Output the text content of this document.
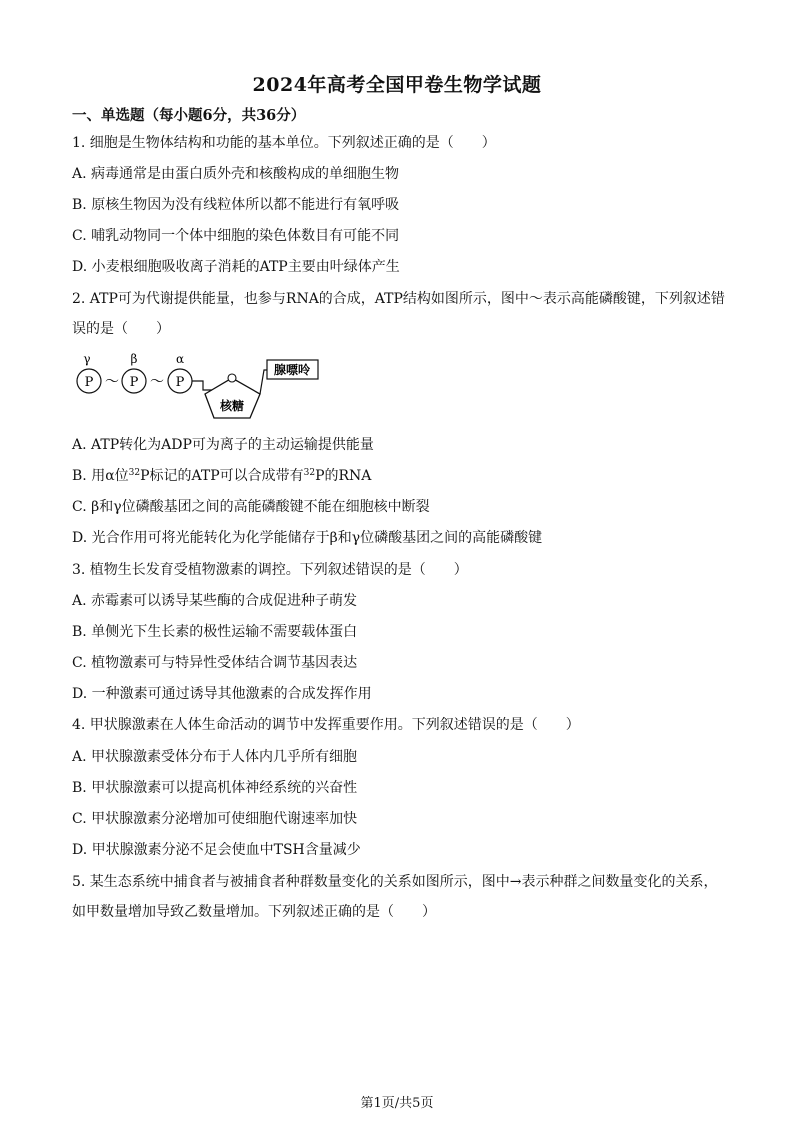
2024年高考全国甲卷生物学试题
一、单选题（每小题6分，共36分）
1. 细胞是生物体结构和功能的基本单位。下列叙述正确的是（　　）
A. 病毒通常是由蛋白质外壳和核酸构成的单细胞生物
B. 原核生物因为没有线粒体所以都不能进行有氧呼吸
C. 哺乳动物同一个体中细胞的染色体数目有可能不同
D. 小麦根细胞吸收离子消耗的ATP主要由叶绿体产生
2. ATP可为代谢提供能量，也参与RNA的合成，ATP结构如图所示，图中～表示高能磷酸键，下列叙述错
误的是（　　）
γ	β	α
P ～ P ～ P
核糖
腺嘌呤
A. ATP转化为ADP可为离子的主动运输提供能量
B. 用α位$^{32}$P标记的ATP可以合成带有$^{32}$P的RNA
C. β和γ位磷酸基团之间的高能磷酸键不能在细胞核中断裂
D. 光合作用可将光能转化为化学能储存于β和γ位磷酸基团之间的高能磷酸键
3. 植物生长发育受植物激素的调控。下列叙述错误的是（　　）
A. 赤霉素可以诱导某些酶的合成促进种子萌发
B. 单侧光下生长素的极性运输不需要载体蛋白
C. 植物激素可与特异性受体结合调节基因表达
D. 一种激素可通过诱导其他激素的合成发挥作用
4. 甲状腺激素在人体生命活动的调节中发挥重要作用。下列叙述错误的是（　　）
A. 甲状腺激素受体分布于人体内几乎所有细胞
B. 甲状腺激素可以提高机体神经系统的兴奋性
C. 甲状腺激素分泌增加可使细胞代谢速率加快
D. 甲状腺激素分泌不足会使血中TSH含量减少
5. 某生态系统中捕食者与被捕食者种群数量变化的关系如图所示，图中→表示种群之间数量变化的关系，
如甲数量增加导致乙数量增加。下列叙述正确的是（　　）
第1页/共5页
